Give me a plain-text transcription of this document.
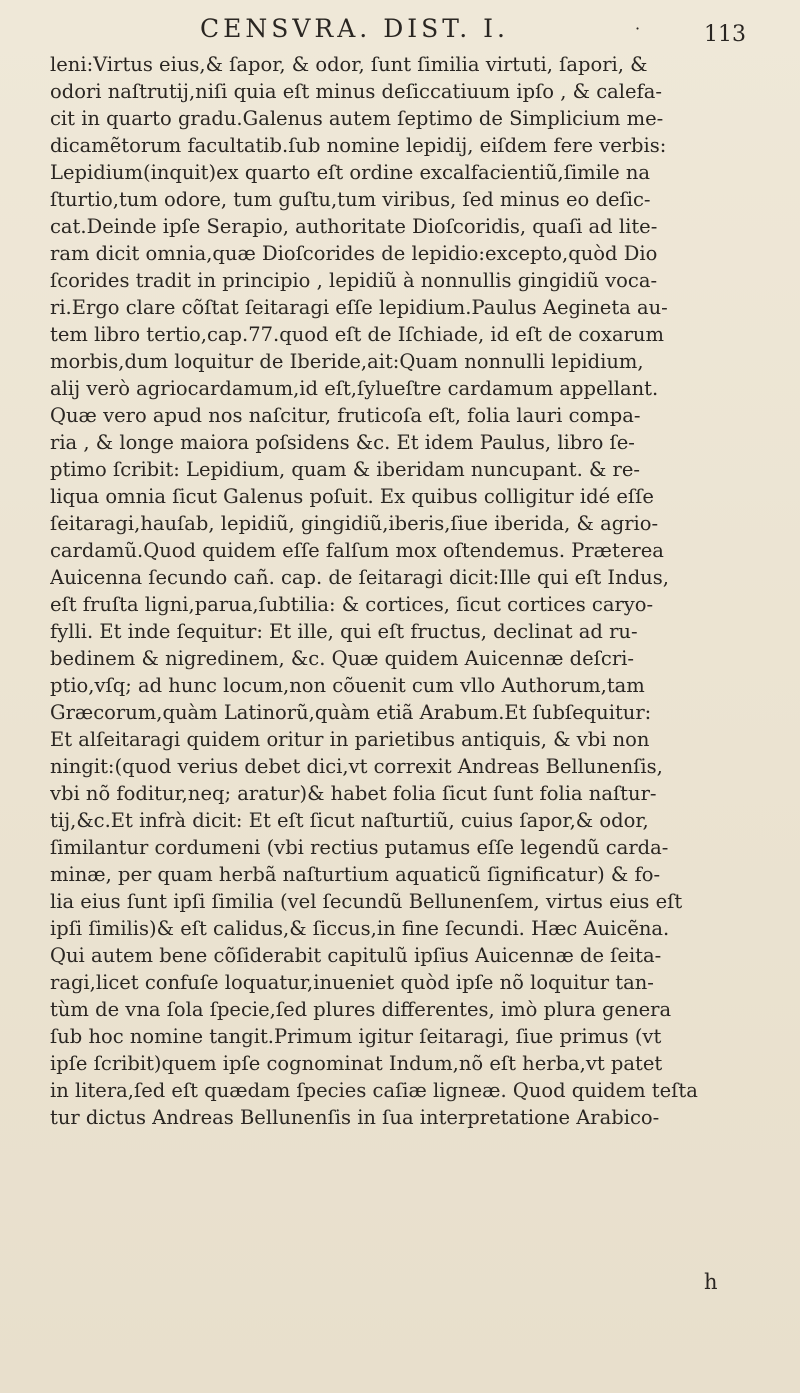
CENSVRA. DIST. I.	·	113
leni:Virtus eius,& ſapor, & odor, ſunt ſimilia virtuti, ſapori, &
odori naſtrutij,niſi quia eſt minus deſiccatiuum ipſo , & calefa-
cit in quarto gradu.Galenus autem ſeptimo de Simplicium me-
dicamẽtorum facultatib.ſub nomine lepidij, eiſdem fere verbis:
Lepidium(inquit)ex quarto eſt ordine excalfacientiũ,ſimile na
ſturtio,tum odore, tum guſtu,tum viribus, ſed minus eo deſic-
cat.Deinde ipſe Serapio, authoritate Dioſcoridis, quaſi ad lite-
ram dicit omnia,quæ Dioſcorides de lepidio:excepto,quòd Dio
ſcorides tradit in principio , lepidiũ à nonnullis gingidiũ voca-
ri.Ergo clare cõſtat ſeitaragi eſſe lepidium.Paulus Aegineta au-
tem libro tertio,cap.77.quod eſt de Iſchiade, id eſt de coxarum
morbis,dum loquitur de Iberide,ait:Quam nonnulli lepidium,
alij verò agriocardamum,id eſt,ſylueſtre cardamum appellant.
Quæ vero apud nos naſcitur, fruticoſa eſt, folia lauri compa-
ria , & longe maiora poſsidens &c. Et idem Paulus, libro ſe-
ptimo ſcribit: Lepidium, quam & iberidam nuncupant. & re-
liqua omnia ſicut Galenus poſuit. Ex quibus colligitur idé eſſe
ſeitaragi,hauſab, lepidiũ, gingidiũ,iberis,ſiue iberida, & agrio-
cardamũ.Quod quidem eſſe falſum mox oſtendemus. Præterea
Auicenna ſecundo cañ. cap. de ſeitaragi dicit:Ille qui eſt Indus,
eſt fruſta ligni,parua,ſubtilia: & cortices, ſicut cortices caryo-
fylli. Et inde ſequitur: Et ille, qui eſt fructus, declinat ad ru-
bedinem & nigredinem, &c. Quæ quidem Auicennæ deſcri-
ptio,vſq; ad hunc locum,non cõuenit cum vllo Authorum,tam
Græcorum,quàm Latinorũ,quàm etiã Arabum.Et ſubſequitur:
· Et alſeitaragi quidem oritur in parietibus antiquis, & vbi non
ningit:(quod verius debet dici,vt correxit Andreas Bellunenſis,
vbi nõ foditur,neq; aratur)& habet folia ſicut ſunt folia naſtur-
tij,&c.Et infrà dicit: Et eſt ſicut naſturtiũ, cuius ſapor,& odor,
ſimilantur cordumeni (vbi rectius putamus eſſe legendũ carda-
minæ, per quam herbã naſturtium aquaticũ ſignificatur) & fo-
lia eius ſunt ipſi ſimilia (vel ſecundũ Bellunenſem, virtus eius eſt
ipſi ſimilis)& eſt calidus,& ſiccus,in fine ſecundi. Hæc Auicẽna.
Qui autem bene cõſiderabit capitulũ ipſius Auicennæ de ſeita-
ragi,licet confuſe loquatur,inueniet quòd ipſe nõ loquitur tan-
· tùm de vna ſola ſpecie,ſed plures differentes, imò plura genera
ſub hoc nomine tangit.Primum igitur ſeitaragi, ſiue primus (vt
ipſe ſcribit)quem ipſe cognominat Indum,nõ eſt herba,vt patet
in litera,ſed eſt quædam ſpecies caſiæ ligneæ. Quod quidem teſta
tur dictus Andreas Bellunenſis in ſua interpretatione Arabico-
h
